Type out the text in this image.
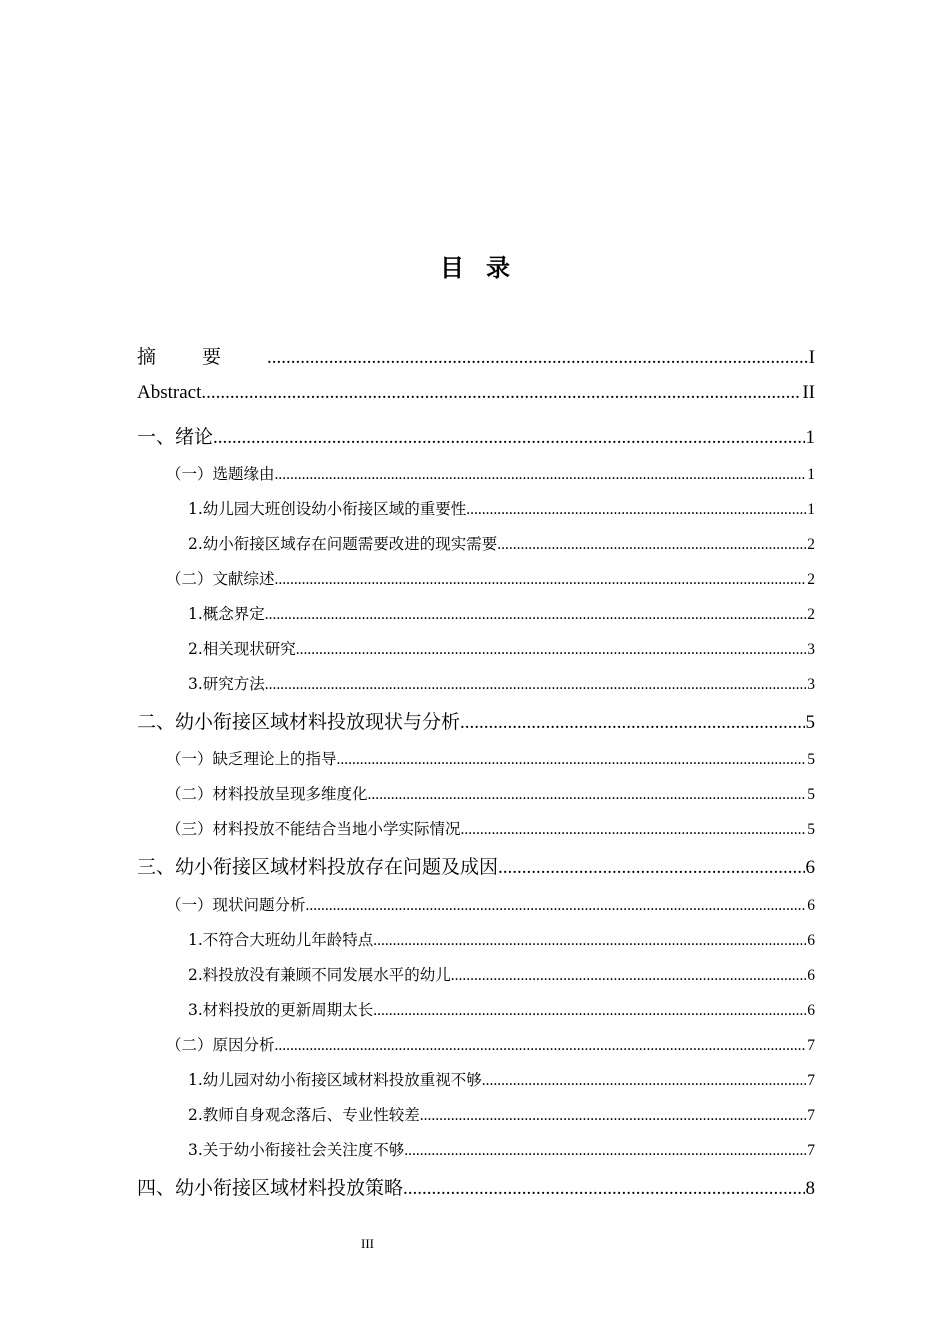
目录
摘要 .....	I
Abstract .....	II
一、绪论 .....	1
（一）选题缘由 .....	1
1.幼儿园大班创设幼小衔接区域的重要性 .....	1
2.幼小衔接区域存在问题需要改进的现实需要 .....	2
（二）文献综述 .....	2
1.概念界定 .....	2
2.相关现状研究 .....	3
3.研究方法 .....	3
二、幼小衔接区域材料投放现状与分析 .....	5
（一）缺乏理论上的指导 .....	5
（二）材料投放呈现多维度化 .....	5
（三）材料投放不能结合当地小学实际情况 .....	5
三、幼小衔接区域材料投放存在问题及成因 .....	6
（一）现状问题分析 .....	6
1.不符合大班幼儿年龄特点 .....	6
2.料投放没有兼顾不同发展水平的幼儿 .....	6
3.材料投放的更新周期太长 .....	6
（二）原因分析 .....	7
1.幼儿园对幼小衔接区域材料投放重视不够 .....	7
2.教师自身观念落后、专业性较差 .....	7
3.关于幼小衔接社会关注度不够 .....	7
四、幼小衔接区域材料投放策略 .....	8
III
